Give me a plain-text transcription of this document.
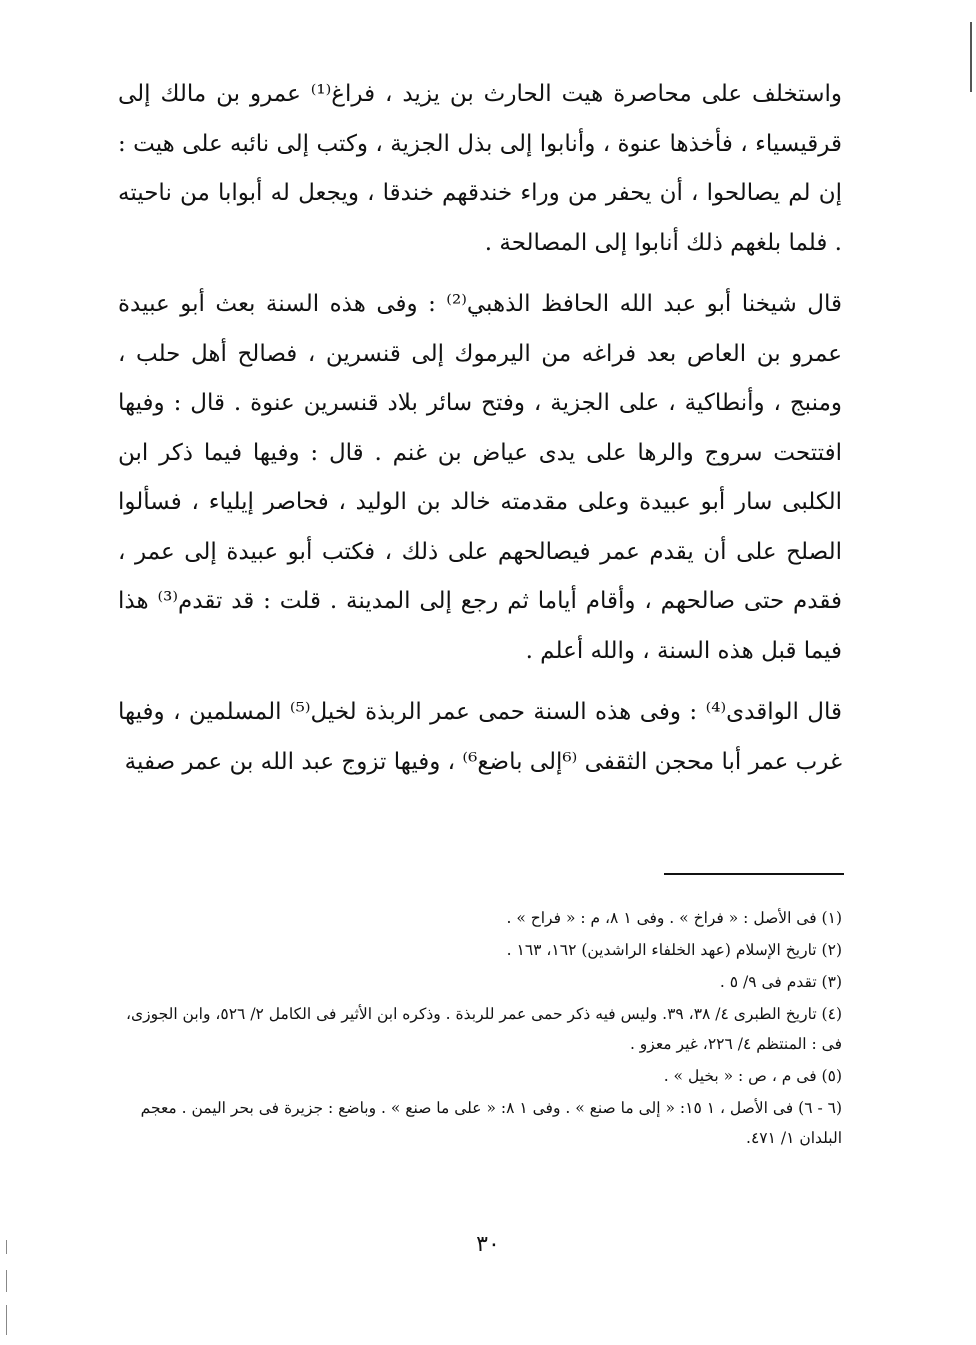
واستخلف على محاصرة هيت الحارث بن يزيد ، فراغ⁽¹⁾ عمرو بن مالك إلى قرقيسياء ، فأخذها عنوة ، وأنابوا إلى بذل الجزية ، وكتب إلى نائبه على هيت : إن لم يصالحوا ، أن يحفر من وراء خندقهم خندقا ، ويجعل له أبوابا من ناحيته . فلما بلغهم ذلك أنابوا إلى المصالحة .

قال شيخنا أبو عبد الله الحافظ الذهبي⁽²⁾ : وفى هذه السنة بعث أبو عبيدة عمرو بن العاص بعد فراغه من اليرموك إلى قنسرين ، فصالح أهل حلب ، ومنبج ، وأنطاكية ، على الجزية ، وفتح سائر بلاد قنسرين عنوة . قال : وفيها افتتحت سروج والرها على يدى عياض بن غنم . قال : وفيها فيما ذكر ابن الكلبى سار أبو عبيدة وعلى مقدمته خالد بن الوليد ، فحاصر إيلياء ، فسألوا الصلح على أن يقدم عمر فيصالحهم على ذلك ، فكتب أبو عبيدة إلى عمر ، فقدم حتى صالحهم ، وأقام أياما ثم رجع إلى المدينة . قلت : قد تقدم⁽³⁾ هذا فيما قبل هذه السنة ، والله أعلم .

قال الواقدى⁽⁴⁾ : وفى هذه السنة حمى عمر الربذة لخيل⁽⁵⁾ المسلمين ، وفيها غرب عمر أبا محجن الثقفى ⁽⁶إلى باضع⁶⁾ ، وفيها تزوج عبد الله بن عمر صفية

(١) فى الأصل : « فراخ » . وفى ١ ٨، م : « فراح » .

(٢) تاريخ الإسلام (عهد الخلفاء الراشدين) ١٦٢، ١٦٣ .

(٣) تقدم فى ٩/ ٥ .

(٤) تاريخ الطبرى ٤/ ٣٨، ٣٩. وليس فيه ذكر حمى عمر للربذة . وذكره ابن الأثير فى الكامل ٢/ ٥٢٦، وابن الجوزى، فى : المنتظم ٤/ ٢٢٦، غير معزو .

(٥) فى م ، ص : « بخيل » .

(٦ - ٦) فى الأصل ، ١ ١٥: « إلى ما صنع » . وفى ١ ٨: « على ما صنع » . وباضع : جزيرة فى بحر اليمن . معجم البلدان ١/ ٤٧١.

٣٠
